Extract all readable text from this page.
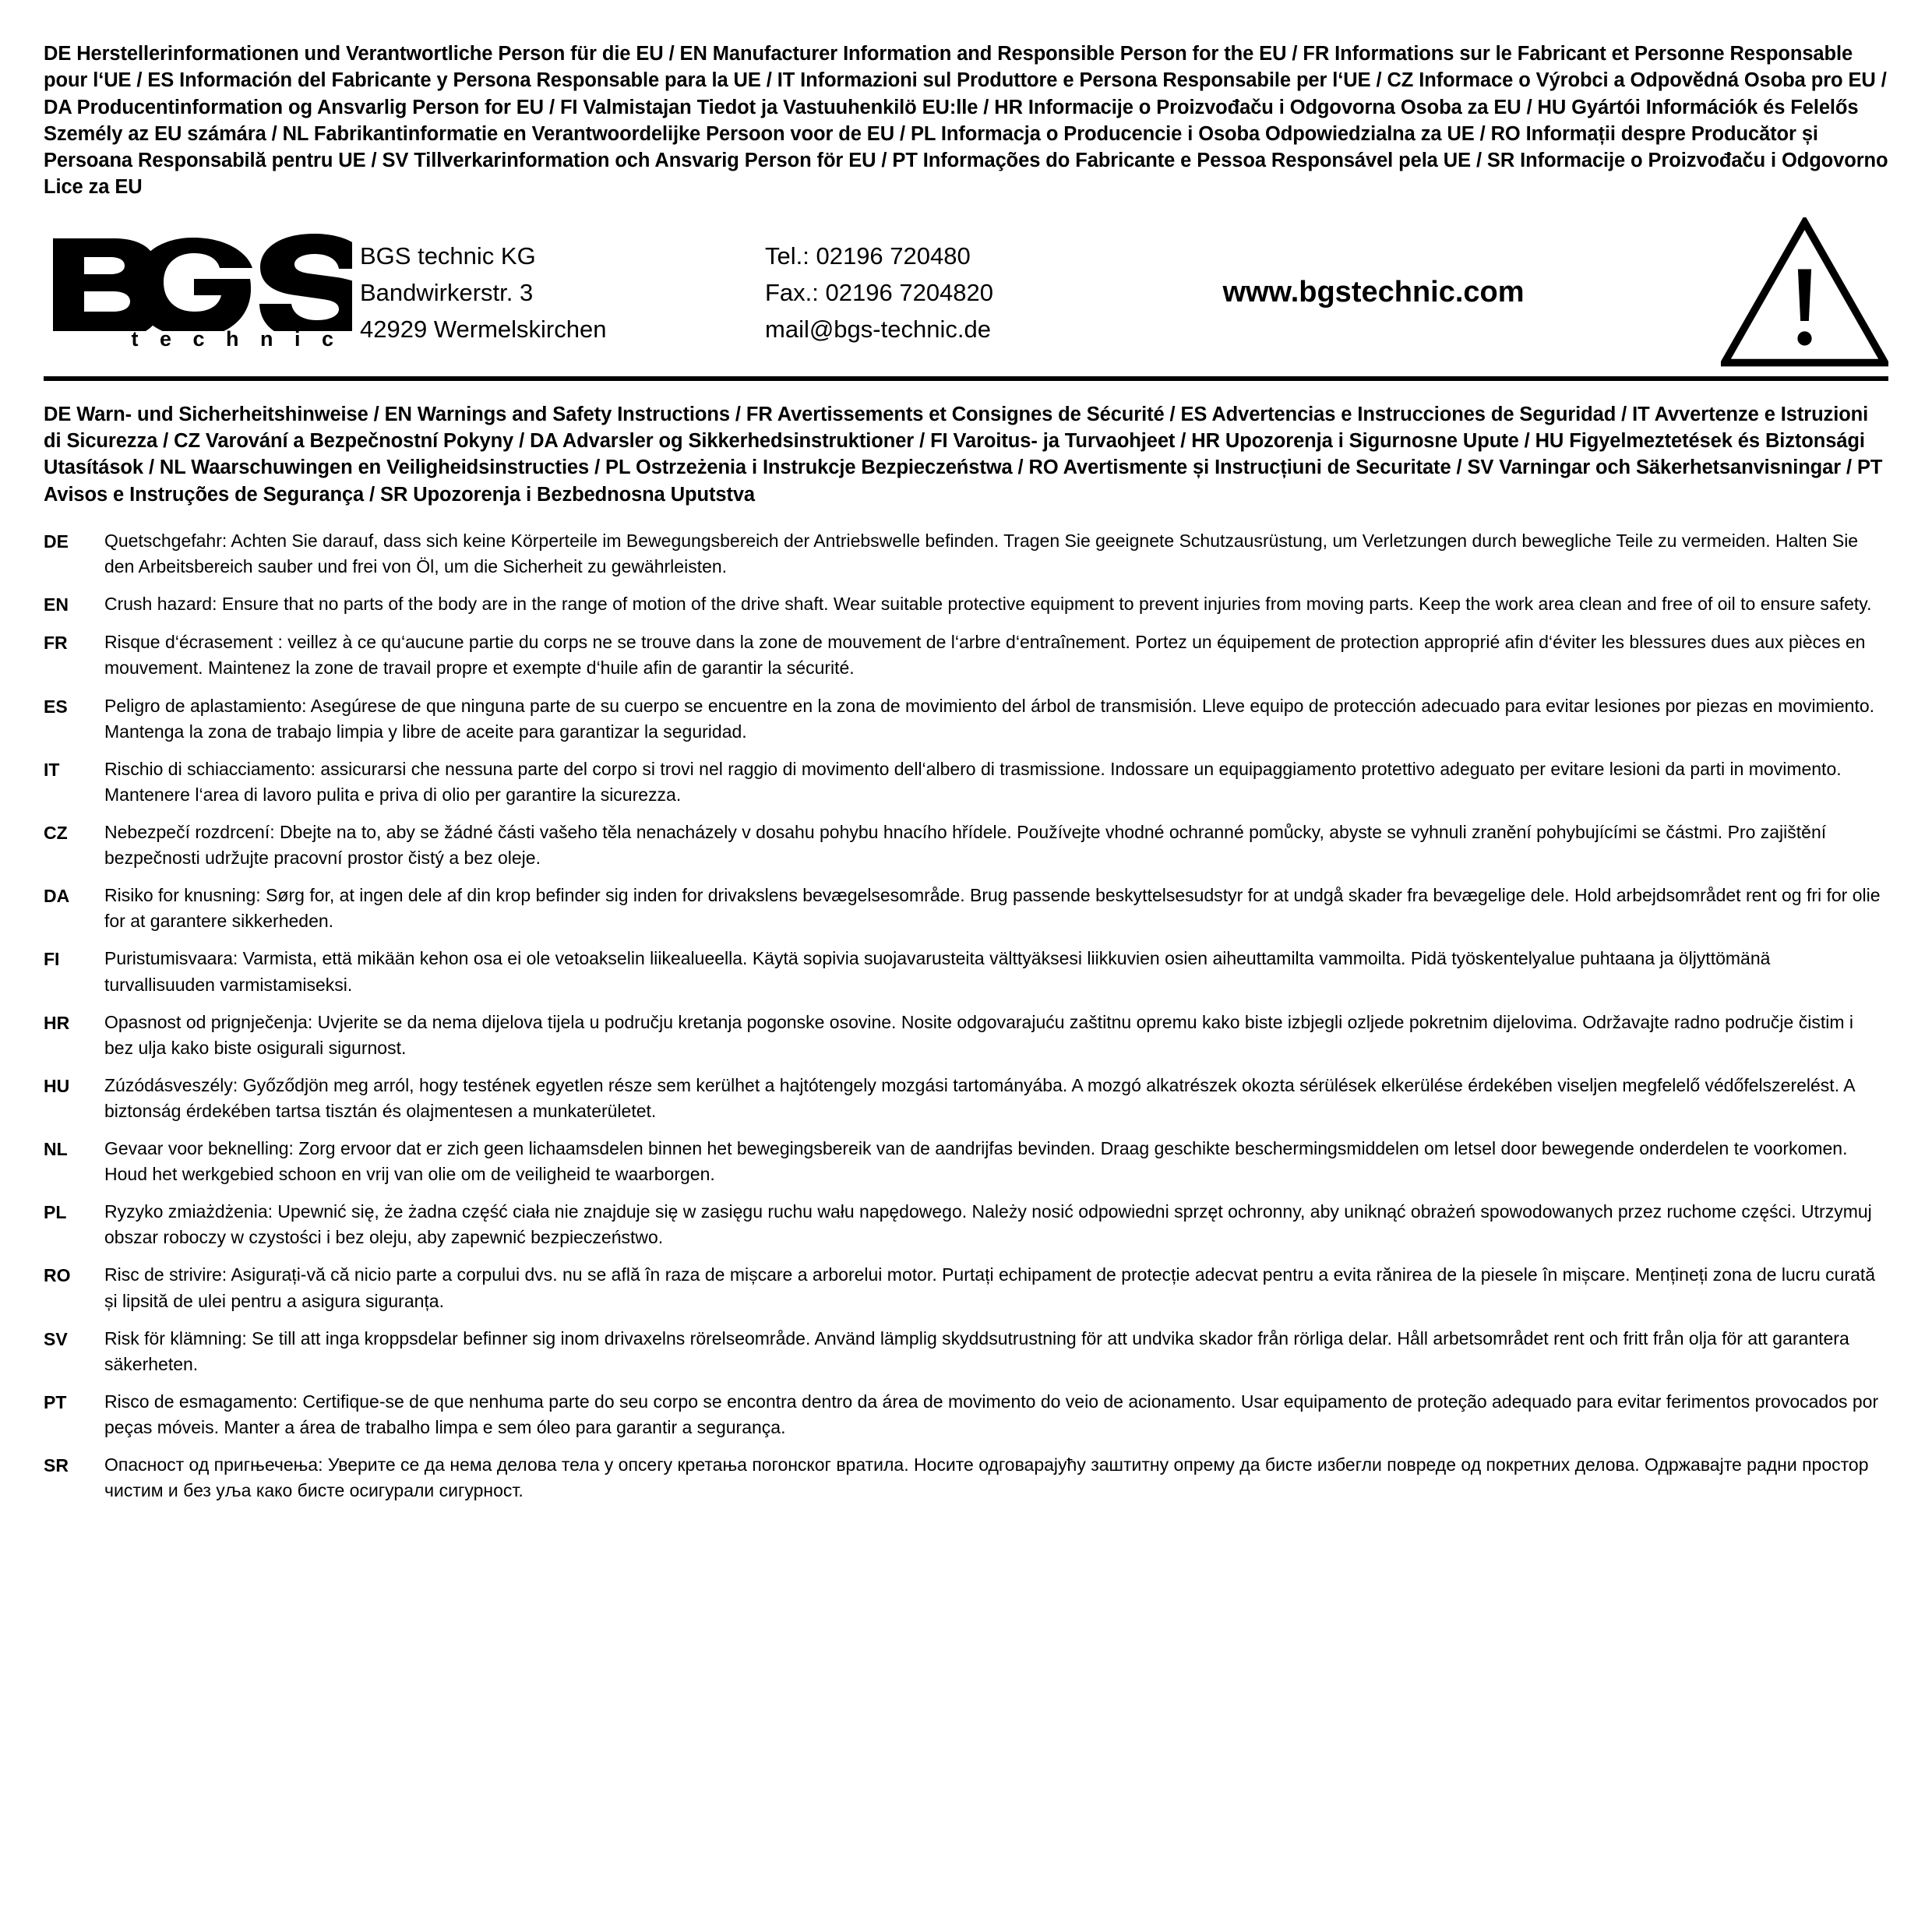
DE Herstellerinformationen und Verantwortliche Person für die EU / EN Manufacturer Information and Responsible Person for the EU / FR Informations sur le Fabricant et Personne Responsable pour l‘UE / ES Información del Fabricante y Persona Responsable para la UE / IT Informazioni sul Produttore e Persona Responsabile per l‘UE / CZ Informace o Výrobci a Odpovědná Osoba pro EU / DA Producentinformation og Ansvarlig Person for EU / FI Valmistajan Tiedot ja Vastuuhenkilö EU:lle / HR Informacije o Proizvođaču i Odgovorna Osoba za EU / HU Gyártói Információk és Felelős Személy az EU számára / NL Fabrikantinformatie en Verantwoordelijke Persoon voor de EU / PL Informacja o Producencie i Osoba Odpowiedzialna za UE / RO Informații despre Producător și Persoana Responsabilă pentru UE / SV Tillverkarinformation och Ansvarig Person för EU / PT Informações do Fabricante e Pessoa Responsável pela UE / SR Informacije o Proizvođaču i Odgovorno Lice za EU
®
t e c h n i c
BGS technic KG
Bandwirkerstr. 3
42929 Wermelskirchen
Tel.: 02196 720480
Fax.: 02196 7204820
mail@bgs-technic.de
www.bgstechnic.com
DE Warn- und Sicherheitshinweise / EN Warnings and Safety Instructions / FR Avertissements et Consignes de Sécurité / ES Advertencias e Instrucciones de Seguridad / IT Avvertenze e Istruzioni di Sicurezza / CZ Varování a Bezpečnostní Pokyny / DA Advarsler og Sikkerhedsinstruktioner / FI Varoitus- ja Turvaohjeet / HR Upozorenja i Sigurnosne Upute / HU Figyelmeztetések és Biztonsági Utasítások / NL Waarschuwingen en Veiligheidsinstructies / PL Ostrzeżenia i Instrukcje Bezpieczeństwa / RO Avertismente și Instrucțiuni de Securitate / SV Varningar och Säkerhetsanvisningar / PT Avisos e Instruções de Segurança / SR Upozorenja i Bezbednosna Uputstva
DE	Quetschgefahr: Achten Sie darauf, dass sich keine Körperteile im Bewegungsbereich der Antriebswelle befinden. Tragen Sie geeignete Schutzausrüstung, um Verletzungen durch bewegliche Teile zu vermeiden. Halten Sie den Arbeitsbereich sauber und frei von Öl, um die Sicherheit zu gewährleisten.
EN	Crush hazard: Ensure that no parts of the body are in the range of motion of the drive shaft. Wear suitable protective equipment to prevent injuries from moving parts. Keep the work area clean and free of oil to ensure safety.
FR	Risque d‘écrasement : veillez à ce qu‘aucune partie du corps ne se trouve dans la zone de mouvement de l‘arbre d‘entraînement. Portez un équipement de protection approprié afin d‘éviter les blessures dues aux pièces en mouvement. Maintenez la zone de travail propre et exempte d‘huile afin de garantir la sécurité.
ES	Peligro de aplastamiento: Asegúrese de que ninguna parte de su cuerpo se encuentre en la zona de movimiento del árbol de transmisión. Lleve equipo de protección adecuado para evitar lesiones por piezas en movimiento. Mantenga la zona de trabajo limpia y libre de aceite para garantizar la seguridad.
IT	Rischio di schiacciamento: assicurarsi che nessuna parte del corpo si trovi nel raggio di movimento dell‘albero di trasmissione. Indossare un equipaggiamento protettivo adeguato per evitare lesioni da parti in movimento. Mantenere l‘area di lavoro pulita e priva di olio per garantire la sicurezza.
CZ	Nebezpečí rozdrcení: Dbejte na to, aby se žádné části vašeho těla nenacházely v dosahu pohybu hnacího hřídele. Používejte vhodné ochranné pomůcky, abyste se vyhnuli zranění pohybujícími se částmi. Pro zajištění bezpečnosti udržujte pracovní prostor čistý a bez oleje.
DA	Risiko for knusning: Sørg for, at ingen dele af din krop befinder sig inden for drivakslens bevægelsesområde. Brug passende beskyttelsesudstyr for at undgå skader fra bevægelige dele. Hold arbejdsområdet rent og fri for olie for at garantere sikkerheden.
FI	Puristumisvaara: Varmista, että mikään kehon osa ei ole vetoakselin liikealueella. Käytä sopivia suojavarusteita välttyäksesi liikkuvien osien aiheuttamilta vammoilta. Pidä työskentelyalue puhtaana ja öljyttömänä turvallisuuden varmistamiseksi.
HR	Opasnost od prignječenja: Uvjerite se da nema dijelova tijela u području kretanja pogonske osovine. Nosite odgovarajuću zaštitnu opremu kako biste izbjegli ozljede pokretnim dijelovima. Održavajte radno područje čistim i bez ulja kako biste osigurali sigurnost.
HU	Zúzódásveszély: Győződjön meg arról, hogy testének egyetlen része sem kerülhet a hajtótengely mozgási tartományába. A mozgó alkatrészek okozta sérülések elkerülése érdekében viseljen megfelelő védőfelszerelést. A biztonság érdekében tartsa tisztán és olajmentesen a munkaterületet.
NL	Gevaar voor beknelling: Zorg ervoor dat er zich geen lichaamsdelen binnen het bewegingsbereik van de aandrijfas bevinden. Draag geschikte beschermingsmiddelen om letsel door bewegende onderdelen te voorkomen. Houd het werkgebied schoon en vrij van olie om de veiligheid te waarborgen.
PL	Ryzyko zmiażdżenia: Upewnić się, że żadna część ciała nie znajduje się w zasięgu ruchu wału napędowego. Należy nosić odpowiedni sprzęt ochronny, aby uniknąć obrażeń spowodowanych przez ruchome części. Utrzymuj obszar roboczy w czystości i bez oleju, aby zapewnić bezpieczeństwo.
RO	Risc de strivire: Asigurați-vă că nicio parte a corpului dvs. nu se află în raza de mișcare a arborelui motor. Purtați echipament de protecție adecvat pentru a evita rănirea de la piesele în mișcare. Mențineți zona de lucru curată și lipsită de ulei pentru a asigura siguranța.
SV	Risk för klämning: Se till att inga kroppsdelar befinner sig inom drivaxelns rörelseområde. Använd lämplig skyddsutrustning för att undvika skador från rörliga delar. Håll arbetsområdet rent och fritt från olja för att garantera säkerheten.
PT	Risco de esmagamento: Certifique-se de que nenhuma parte do seu corpo se encontra dentro da área de movimento do veio de acionamento. Usar equipamento de proteção adequado para evitar ferimentos provocados por peças móveis. Manter a área de trabalho limpa e sem óleo para garantir a segurança.
SR	Опасност од пригњечења: Уверите се да нема делова тела у опсегу кретања погонског вратила. Носите одговарајућу заштитну опрему да бисте избегли повреде од покретних делова. Одржавајте радни простор чистим и без уља како бисте осигурали сигурност.
